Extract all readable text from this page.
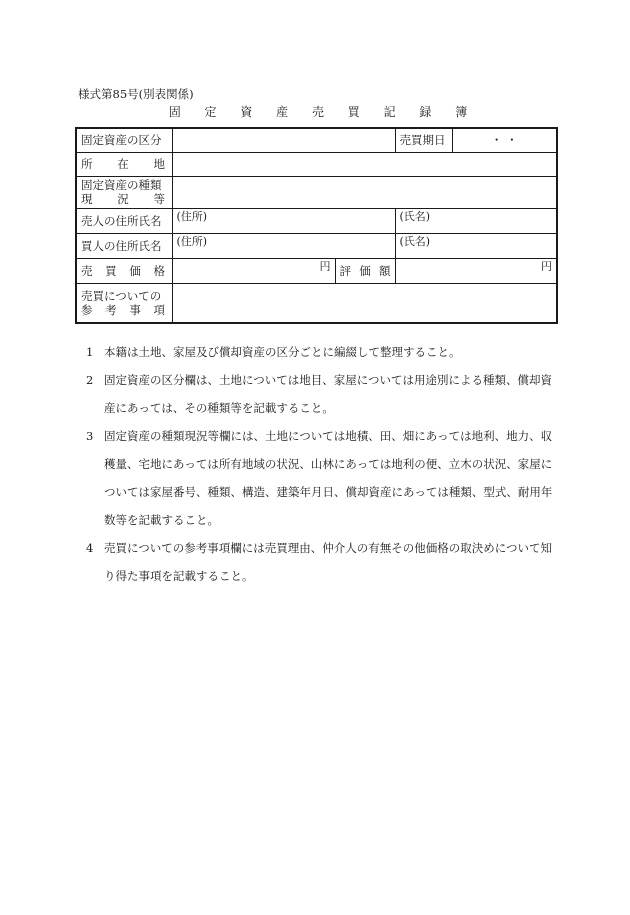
様式第85号(別表関係)
固 定 資 産 売 買 記 録 簿
固定資産の区分			売買期日	・ ・

所 在 地				

固定資産の種類
現 況 等				

売人の住所氏名	(住所)		(氏名)	
買人の住所氏名	(住所)		(氏名)	

売 買 価 格	円	評 価 額	円	

売買についての
参 考 事 項				

1 本籍は土地、家屋及び償却資産の区分ごとに編綴して整理すること。
2 固定資産の区分欄は、土地については地目、家屋については用途別による種類、償却資産にあっては、その種類等を記載すること。
3 固定資産の種類現況等欄には、土地については地積、田、畑にあっては地利、地力、収穫量、宅地にあっては所有地域の状況、山林にあっては地利の便、立木の状況、家屋については家屋番号、種類、構造、建築年月日、償却資産にあっては種類、型式、耐用年数等を記載すること。
4 売買についての参考事項欄には売買理由、仲介人の有無その他価格の取決めについて知り得た事項を記載すること。
